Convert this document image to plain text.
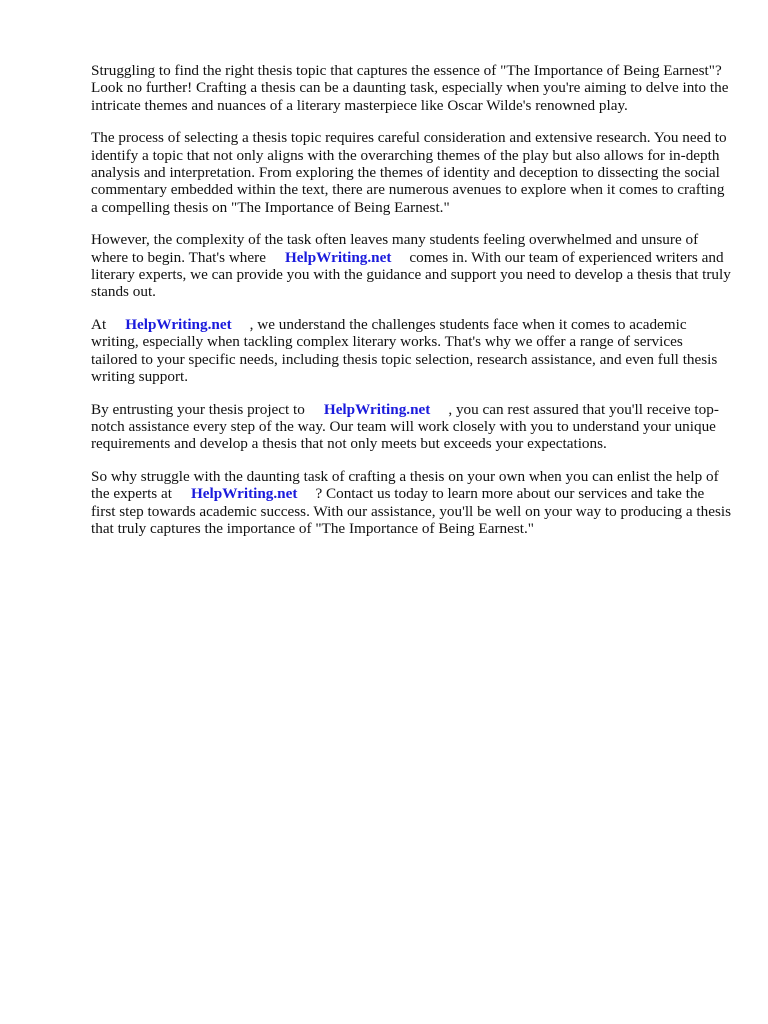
Struggling to find the right thesis topic that captures the essence of "The Importance of Being Earnest"? Look no further! Crafting a thesis can be a daunting task, especially when you're aiming to delve into the intricate themes and nuances of a literary masterpiece like Oscar Wilde's renowned play.

The process of selecting a thesis topic requires careful consideration and extensive research. You need to identify a topic that not only aligns with the overarching themes of the play but also allows for in-depth analysis and interpretation. From exploring the themes of identity and deception to dissecting the social commentary embedded within the text, there are numerous avenues to explore when it comes to crafting a compelling thesis on "The Importance of Being Earnest."

However, the complexity of the task often leaves many students feeling overwhelmed and unsure of where to begin. That's where HelpWriting.net comes in. With our team of experienced writers and literary experts, we can provide you with the guidance and support you need to develop a thesis that truly stands out.

At HelpWriting.net , we understand the challenges students face when it comes to academic writing, especially when tackling complex literary works. That's why we offer a range of services tailored to your specific needs, including thesis topic selection, research assistance, and even full thesis writing support.

By entrusting your thesis project to HelpWriting.net , you can rest assured that you'll receive top-notch assistance every step of the way. Our team will work closely with you to understand your unique requirements and develop a thesis that not only meets but exceeds your expectations.

So why struggle with the daunting task of crafting a thesis on your own when you can enlist the help of the experts at HelpWriting.net ? Contact us today to learn more about our services and take the first step towards academic success. With our assistance, you'll be well on your way to producing a thesis that truly captures the importance of "The Importance of Being Earnest."
